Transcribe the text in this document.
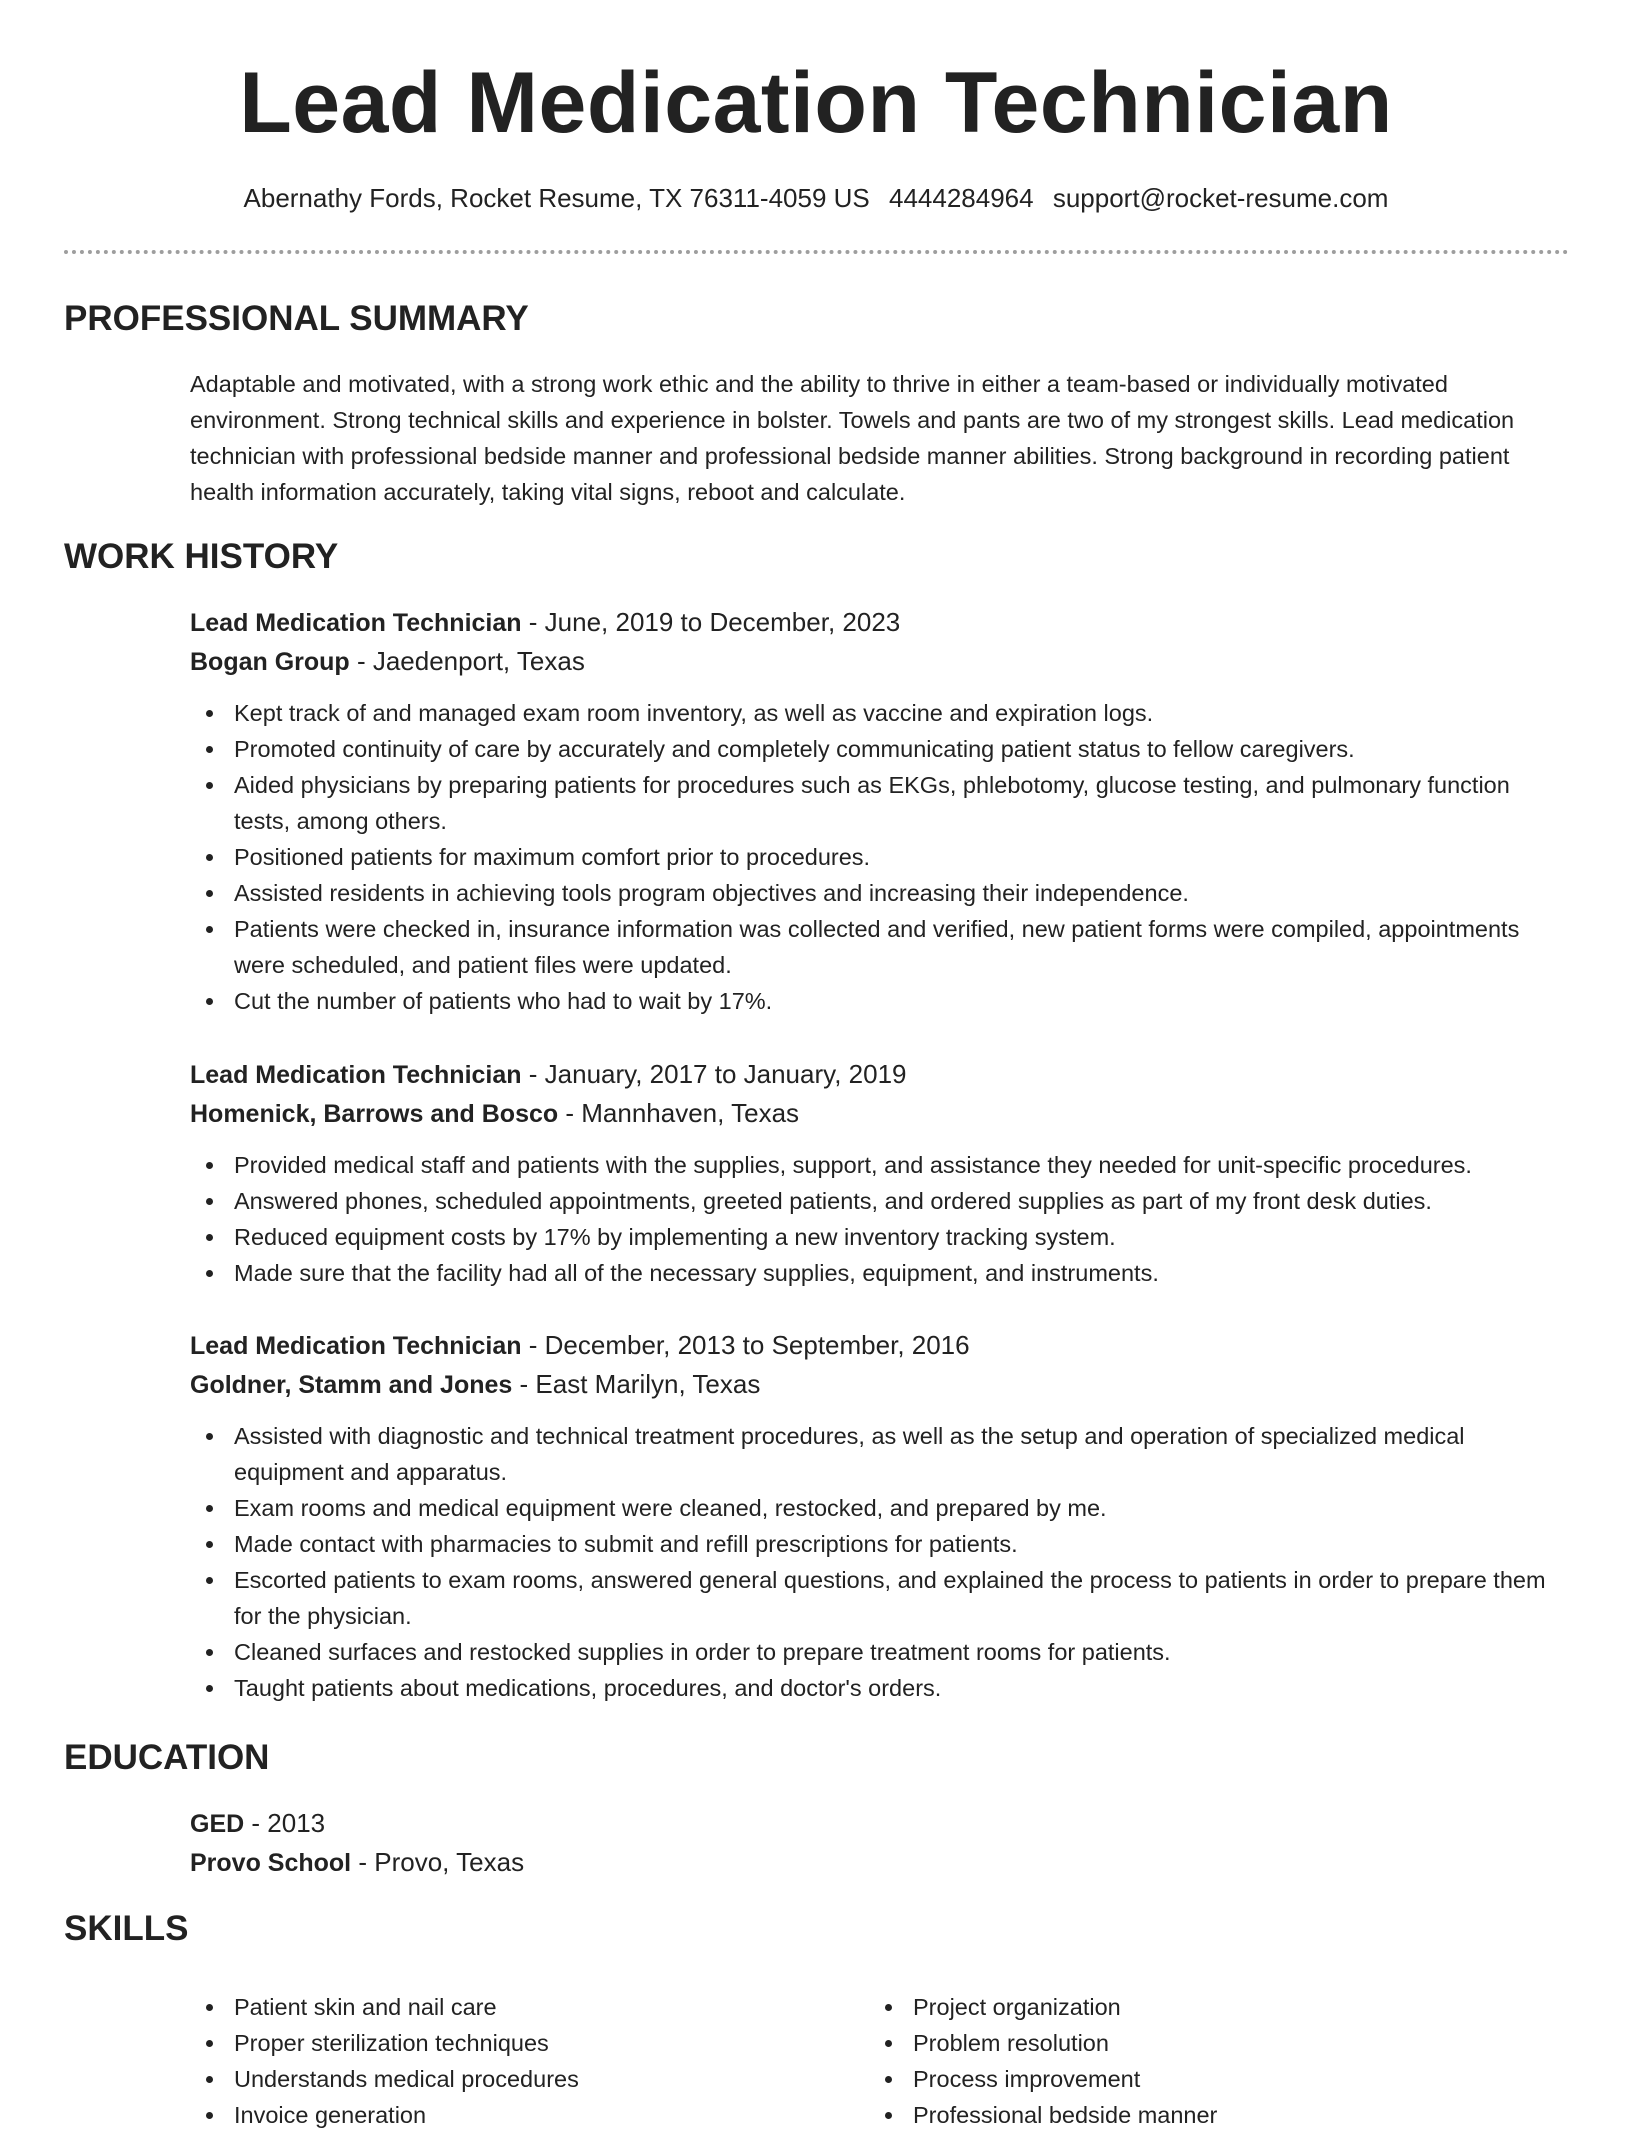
Lead Medication Technician
Abernathy Fords, Rocket Resume, TX 76311-4059 US 4444284964 support@rocket-resume.com
PROFESSIONAL SUMMARY

Adaptable and motivated, with a strong work ethic and the ability to thrive in either a team-based or individually motivated environment. Strong technical skills and experience in bolster. Towels and pants are two of my strongest skills. Lead medication technician with professional bedside manner and professional bedside manner abilities. Strong background in recording patient health information accurately, taking vital signs, reboot and calculate.

WORK HISTORY
Lead Medication Technician - June, 2019 to December, 2023
Bogan Group - Jaedenport, Texas
Kept track of and managed exam room inventory, as well as vaccine and expiration logs.
Promoted continuity of care by accurately and completely communicating patient status to fellow caregivers.
Aided physicians by preparing patients for procedures such as EKGs, phlebotomy, glucose testing, and pulmonary function tests, among others.
Positioned patients for maximum comfort prior to procedures.
Assisted residents in achieving tools program objectives and increasing their independence.
Patients were checked in, insurance information was collected and verified, new patient forms were compiled, appointments were scheduled, and patient files were updated.
Cut the number of patients who had to wait by 17%.
Lead Medication Technician - January, 2017 to January, 2019
Homenick, Barrows and Bosco - Mannhaven, Texas
Provided medical staff and patients with the supplies, support, and assistance they needed for unit-specific procedures.
Answered phones, scheduled appointments, greeted patients, and ordered supplies as part of my front desk duties.
Reduced equipment costs by 17% by implementing a new inventory tracking system.
Made sure that the facility had all of the necessary supplies, equipment, and instruments.
Lead Medication Technician - December, 2013 to September, 2016
Goldner, Stamm and Jones - East Marilyn, Texas
Assisted with diagnostic and technical treatment procedures, as well as the setup and operation of specialized medical equipment and apparatus.
Exam rooms and medical equipment were cleaned, restocked, and prepared by me.
Made contact with pharmacies to submit and refill prescriptions for patients.
Escorted patients to exam rooms, answered general questions, and explained the process to patients in order to prepare them for the physician.
Cleaned surfaces and restocked supplies in order to prepare treatment rooms for patients.
Taught patients about medications, procedures, and doctor's orders.
EDUCATION
GED - 2013
Provo School - Provo, Texas
SKILLS
Patient skin and nail care
Proper sterilization techniques
Understands medical procedures
Invoice generation
Project organization
Problem resolution
Process improvement
Professional bedside manner
